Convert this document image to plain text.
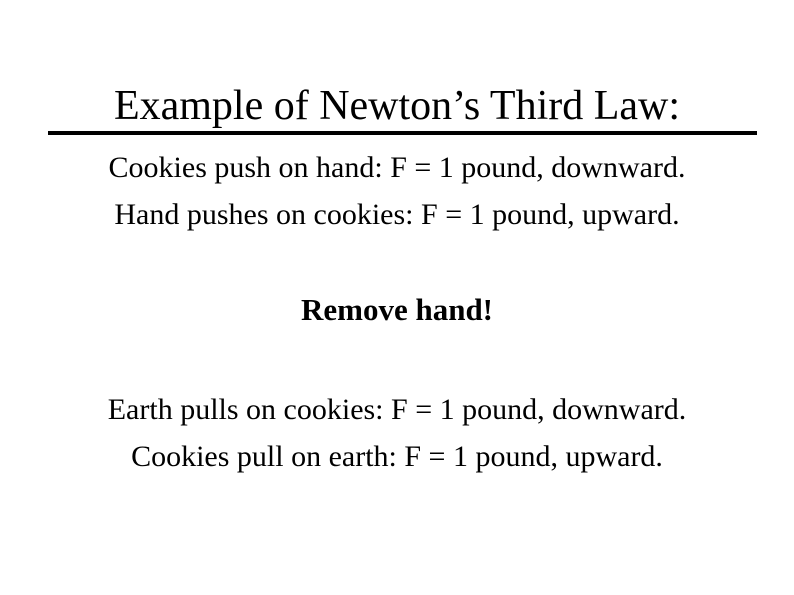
Example of Newton’s Third Law:
Cookies push on hand: F = 1 pound, downward.
Hand pushes on cookies: F = 1 pound, upward.
Remove hand!
Earth pulls on cookies: F = 1 pound, downward.
Cookies pull on earth: F = 1 pound, upward.
